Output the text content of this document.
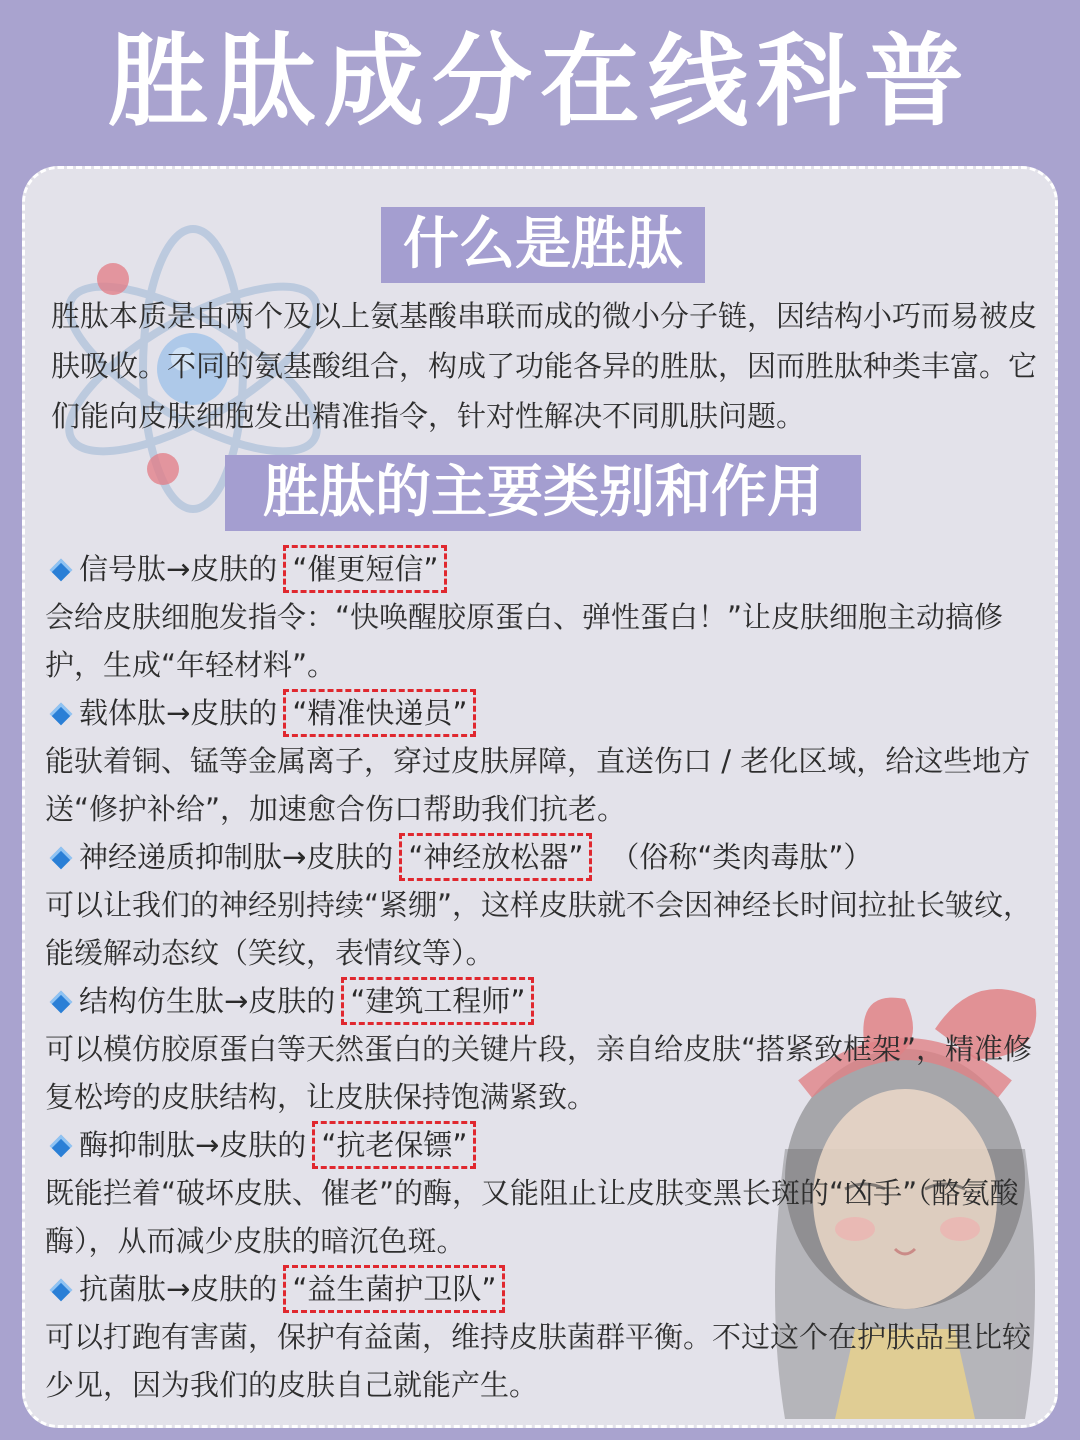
胜肽成分在线科普
什么是胜肽
胜肽本质是由两个及以上氨基酸串联而成的微小分子链，因结构小巧而易被皮肤吸收。不同的氨基酸组合，构成了功能各异的胜肽，因而胜肽种类丰富。它们能向皮肤细胞发出精准指令，针对性解决不同肌肤问题。
胜肽的主要类别和作用
信号肽→皮肤的 “催更短信”
会给皮肤细胞发指令：“快唤醒胶原蛋白、弹性蛋白！”让皮肤细胞主动搞修护，生成“年轻材料”。
载体肽→皮肤的 “精准快递员”
能驮着铜、锰等金属离子，穿过皮肤屏障，直送伤口 / 老化区域，给这些地方送“修护补给”，加速愈合伤口帮助我们抗老。
神经递质抑制肽→皮肤的 “神经放松器” （俗称“类肉毒肽”）
可以让我们的神经别持续“紧绷”，这样皮肤就不会因神经长时间拉扯长皱纹，能缓解动态纹（笑纹，表情纹等）。
结构仿生肽→皮肤的 “建筑工程师”
可以模仿胶原蛋白等天然蛋白的关键片段，亲自给皮肤“搭紧致框架”，精准修复松垮的皮肤结构，让皮肤保持饱满紧致。
酶抑制肽→皮肤的 “抗老保镖”
既能拦着“破坏皮肤、催老”的酶，又能阻止让皮肤变黑长斑的“凶手”（酪氨酸酶），从而减少皮肤的暗沉色斑。
抗菌肽→皮肤的 “益生菌护卫队”
可以打跑有害菌，保护有益菌，维持皮肤菌群平衡。不过这个在护肤品里比较少见，因为我们的皮肤自己就能产生。
